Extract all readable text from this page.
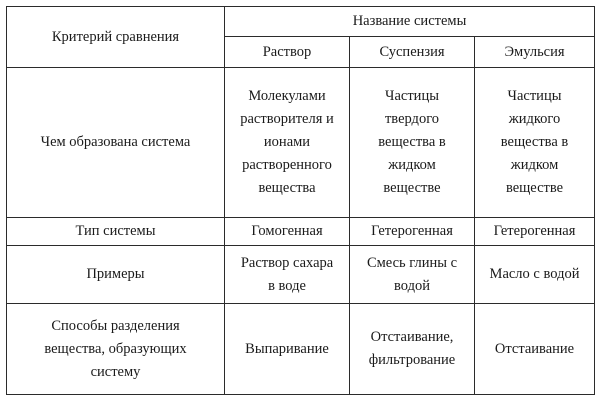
Критерий сравнения	Название системы		

	Раствор	Суспензия	Эмульсия

Чем образована система	Молекулами
растворителя и
ионами
растворенного
вещества	Частицы
твердого
вещества в
жидком
веществе	Частицы
жидкого
вещества в
жидком
веществе

Тип системы	Гомогенная	Гетерогенная	Гетерогенная

Примеры	Раствор сахара
в воде	Смесь глины с
водой	Масло с водой

Способы разделения
вещества, образующих
систему	Выпаривание	Отстаивание,
фильтрование	Отстаивание
